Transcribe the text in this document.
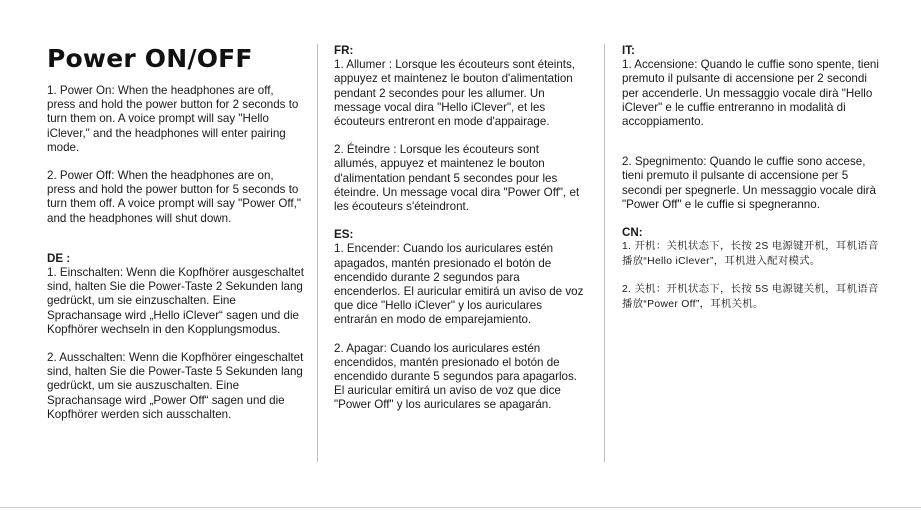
Power ON/OFF

1. Power On: When the headphones are off, press and hold the power button for 2 seconds to turn them on. A voice prompt will say "Hello iClever," and the headphones will enter pairing mode.

2. Power Off: When the headphones are on, press and hold the power button for 5 seconds to turn them off. A voice prompt will say "Power Off," and the headphones will shut down.

DE :

1. Einschalten: Wenn die Kopfhörer ausgeschaltet sind, halten Sie die Power-Taste 2 Sekunden lang gedrückt, um sie einzuschalten. Eine Sprachansage wird „Hello iClever“ sagen und die Kopfhörer wechseln in den Kopplungsmodus.

2. Ausschalten: Wenn die Kopfhörer eingeschaltet sind, halten Sie die Power-Taste 5 Sekunden lang gedrückt, um sie auszuschalten. Eine Sprachansage wird „Power Off“ sagen und die Kopfhörer werden sich ausschalten.

FR:

1. Allumer : Lorsque les écouteurs sont éteints, appuyez et maintenez le bouton d'alimentation pendant 2 secondes pour les allumer. Un message vocal dira "Hello iClever", et les écouteurs entreront en mode d'appairage.

2. Éteindre : Lorsque les écouteurs sont allumés, appuyez et maintenez le bouton d'alimentation pendant 5 secondes pour les éteindre. Un message vocal dira "Power Off", et les écouteurs s'éteindront.

ES:

1. Encender: Cuando los auriculares estén apagados, mantén presionado el botón de encendido durante 2 segundos para encenderlos. El auricular emitirá un aviso de voz que dice "Hello iClever" y los auriculares entrarán en modo de emparejamiento.

2. Apagar: Cuando los auriculares estén encendidos, mantén presionado el botón de encendido durante 5 segundos para apagarlos. El auricular emitirá un aviso de voz que dice "Power Off" y los auriculares se apagarán.

IT:

1. Accensione: Quando le cuffie sono spente, tieni premuto il pulsante di accensione per 2 secondi per accenderle. Un messaggio vocale dirà "Hello iClever" e le cuffie entreranno in modalità di accoppiamento.

2. Spegnimento: Quando le cuffie sono accese, tieni premuto il pulsante di accensione per 5 secondi per spegnerle. Un messaggio vocale dirà "Power Off" e le cuffie si spegneranno.

CN:

1. 开机：关机状态下，长按 2S 电源键开机，耳机语音播放“Hello iClever”，耳机进入配对模式。

2. 关机：开机状态下，长按 5S 电源键关机，耳机语音播放“Power Off”，耳机关机。
